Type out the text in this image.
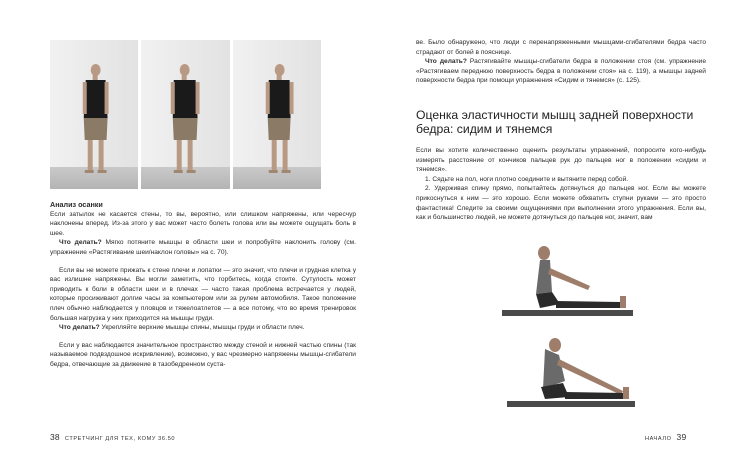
Анализ осанки

Если затылок не касается стены, то вы, вероятно, или слишком напряжены, или чересчур наклонены вперед. Из-за этого у вас может часто болеть голова или вы можете ощущать боль в шее.

Что делать? Мягко потяните мышцы в области шеи и попробуйте наклонить голову (см. упражнение «Растягивание шеи/наклон головы» на с. 70).

Если вы не можете прижать к стене плечи и лопатки — это значит, что плечи и грудная клетка у вас излишне напряжены. Вы могли заметить, что горбитесь, когда стоите. Сутулость может приводить к боли в области шеи и в плечах — часто такая проблема встречается у людей, которые просиживают долгие часы за компьютером или за рулем автомобиля. Такое положение плеч обычно наблюдается у пловцов и тяжелоатлетов — а все потому, что во время тренировок большая нагрузка у них приходится на мышцы груди.

Что делать? Укрепляйте верхние мышцы спины, мышцы груди и области плеч.

Если у вас наблюдается значительное пространство между стеной и нижней частью спины (так называемое подвздошное искривление), возможно, у вас чрезмерно напряжены мышцы-сгибатели бедра, отвечающие за движение в тазобедренном суста-

38 СТРЕТЧИНГ ДЛЯ ТЕХ, КОМУ 36.50

ве. Было обнаружено, что люди с перенапряженными мышцами-сгибателями бедра часто страдают от болей в пояснице.

Что делать? Растягивайте мышцы-сгибатели бедра в положении стоя (см. упражнение «Растягиваем переднюю поверхность бедра в положении стоя» на с. 119), а мышцы задней поверхности бедра при помощи упражнения «Сидим и тянемся» (с. 125).

Оценка эластичности мышц задней поверхности бедра: сидим и тянемся

Если вы хотите количественно оценить результаты упражнений, попросите кого-нибудь измерять расстояние от кончиков пальцев рук до пальцев ног в положении «сидим и тянемся».

1. Сядьте на пол, ноги плотно соедините и вытяните перед собой.

2. Удерживая спину прямо, попытайтесь дотянуться до пальцев ног. Если вы можете прикоснуться к ним — это хорошо. Если можете обхватить ступни руками — это просто фантастика! Следите за своими ощущениями при выполнении этого упражнения. Если вы, как и большинство людей, не можете дотянуться до пальцев ног, значит, вам

НАЧАЛО 39
